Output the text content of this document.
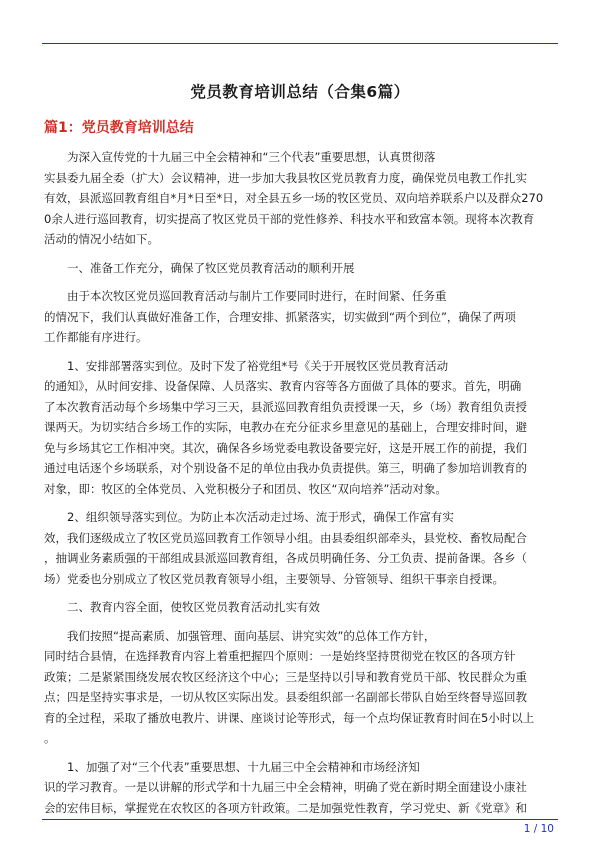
党员教育培训总结（合集6篇）
篇1：党员教育培训总结
为深入宣传党的十九届三中全会精神和“三个代表”重要思想，认真贯彻落
实县委九届全委（扩大）会议精神，进一步加大我县牧区党员教育力度，确保党员电教工作扎实
有效，县派巡回教育组自*月*日至*日，对全县五乡一场的牧区党员、双向培养联系户以及群众270
0余人进行巡回教育，切实提高了牧区党员干部的党性修养、科技水平和致富本领。现将本次教育
活动的情况小结如下。
一、准备工作充分，确保了牧区党员教育活动的顺利开展
由于本次牧区党员巡回教育活动与制片工作要同时进行，在时间紧、任务重
的情况下，我们认真做好准备工作，合理安排、抓紧落实，切实做到“两个到位”，确保了两项
工作都能有序进行。
1、安排部署落实到位。及时下发了裕党组*号《关于开展牧区党员教育活动
的通知》，从时间安排、设备保障、人员落实、教育内容等各方面做了具体的要求。首先，明确
了本次教育活动每个乡场集中学习三天，县派巡回教育组负责授课一天，乡（场）教育组负责授
课两天。为切实结合乡场工作的实际，电教办在充分征求乡里意见的基础上，合理安排时间，避
免与乡场其它工作相冲突。其次，确保各乡场党委电教设备要完好，这是开展工作的前提，我们
通过电话逐个乡场联系，对个别设备不足的单位由我办负责提供。第三，明确了参加培训教育的
对象，即：牧区的全体党员、入党积极分子和团员、牧区“双向培养”活动对象。
2、组织领导落实到位。为防止本次活动走过场、流于形式，确保工作富有实
效，我们逐级成立了牧区党员巡回教育工作领导小组。由县委组织部牵头，县党校、畜牧局配合
，抽调业务素质强的干部组成县派巡回教育组，各成员明确任务、分工负责、提前备课。各乡（
场）党委也分别成立了牧区党员教育领导小组，主要领导、分管领导、组织干事亲自授课。
二、教育内容全面，使牧区党员教育活动扎实有效
我们按照“提高素质、加强管理、面向基层、讲究实效”的总体工作方针，
同时结合县情，在选择教育内容上着重把握四个原则：一是始终坚持贯彻党在牧区的各项方针
政策；二是紧紧围绕发展农牧区经济这个中心；三是坚持以引导和教育党员干部、牧民群众为重
点；四是坚持实事求是，一切从牧区实际出发。县委组织部一名副部长带队自始至终督导巡回教
育的全过程，采取了播放电教片、讲课、座谈讨论等形式，每一个点均保证教育时间在5小时以上
。
1、加强了对“三个代表”重要思想、十九届三中全会精神和市场经济知
识的学习教育。一是以讲解的形式学和十九届三中全会精神，明确了党在新时期全面建设小康社
会的宏伟目标，掌握党在农牧区的各项方针政策。二是加强党性教育，学习党史、新《党章》和
1 / 10
